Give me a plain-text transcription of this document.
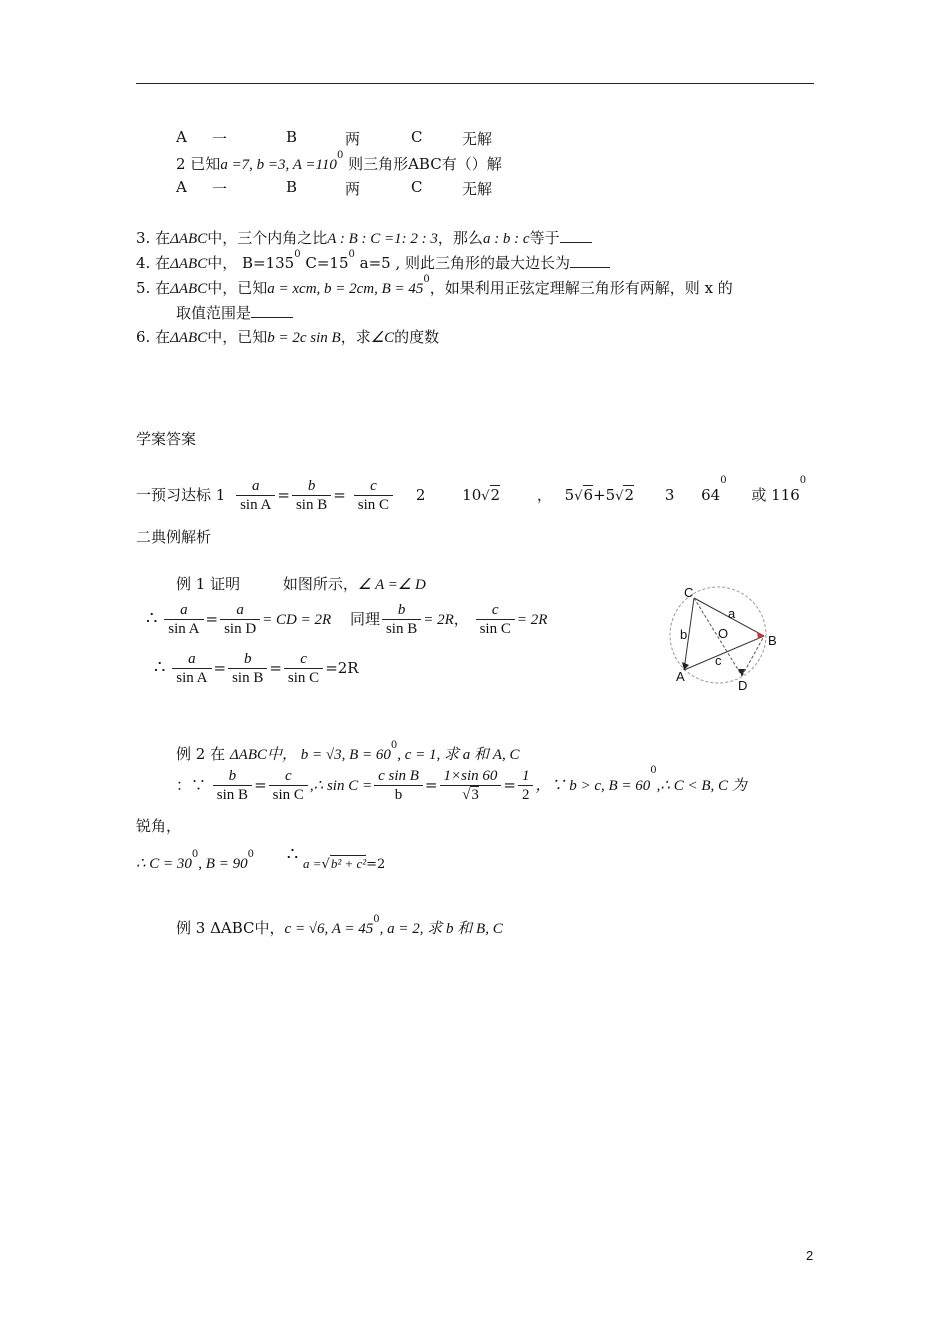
A 一	B	两	C	无解
2 已知a =7, b =3, $A =110^0$ 则三角形ABC有（）解
A 一	B	两	C	无解
3. 在ΔABC中，三个内角之比A : B : C =1: 2 : 3，那么a : b : c等于
4. 在ΔABC中， $B=135^0$ $C=15^0$ a=5 , 则此三角形的最大边长为
5. 在ΔABC中，已知a = xcm, b = 2cm, $B = 45^0$，如果利用正弦定理解三角形有两解，则 x 的
取值范围是
6. 在ΔABC中，已知b = 2c sin B，求∠C的度数
学案答案
一预习达标 $1 \frac{a}{\text{sin A}} = \frac{b}{\text{sin B}} = \frac{c}{\text{sin C}} 2$ 10√2 ， 5√6+5√2 3 $64^0$ 或 $116^0$
二典例解析
例 1 证明	如图所示，∠ A =∠ D
∴ $\frac{a}{\text{sin A}} = \frac{a}{\text{sin D}}$ = CD = 2R 同理 $\frac{b}{\text{sin B}} = 2R$， $\frac{c}{\text{sin C}} = 2R$
∴ $\frac{a}{\text{sin A}} = \frac{b}{\text{sin B}} = \frac{c}{\text{sin C}} =2R$
C
a
b O	B
c
A
D
例 2 在 ΔABC中， b = √3, $B = 60^0$, c = 1, 求 a 和 A, C
：∵ $\frac{b}{\text{sin B}} = \frac{c}{\text{sin C}}$ ,∴ $\sin C = \frac{\text{c sin B}}{b} = \frac{1\times\sin 60}{√3} = \frac{1}{2}$ ，∵ b > c, $B = 60^0,\therefore$ C < B, C 为
锐角，
∴ $C = 30^0$, $B = 90^0$ ∴ a =√b² + c²=2
例 3 ΔABC中，c = √6, $A = 45^0$, a = 2, 求 b 和 B, C
2
